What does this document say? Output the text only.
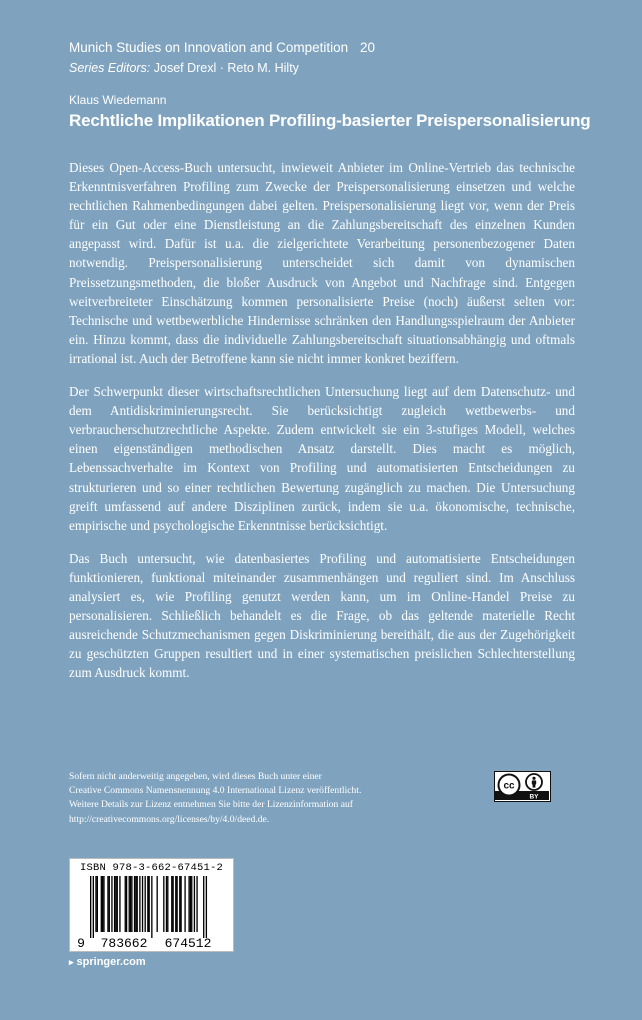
Munich Studies on Innovation and Competition 20
Series Editors: Josef Drexl · Reto M. Hilty
Klaus Wiedemann
Rechtliche Implikationen Profiling-basierter Preispersonalisierung

Dieses Open-Access-Buch untersucht, inwieweit Anbieter im Online-Vertrieb das technische Erkenntnisverfahren Profiling zum Zwecke der Preispersonalisierung einsetzen und welche rechtlichen Rahmenbedingungen dabei gelten. Preispersonalisierung liegt vor, wenn der Preis für ein Gut oder eine Dienstleistung an die Zahlungsbereitschaft des einzelnen Kunden angepasst wird. Dafür ist u.a. die zielgerichtete Verarbeitung personenbezogener Daten notwendig. Preispersonalisierung unterscheidet sich damit von dynamischen Preissetzungsmethoden, die bloßer Ausdruck von Angebot und Nachfrage sind. Entgegen weitverbreiteter Einschätzung kommen personalisierte Preise (noch) äußerst selten vor: Technische und wettbewerbliche Hindernisse schränken den Handlungsspielraum der Anbieter ein. Hinzu kommt, dass die individuelle Zahlungsbereitschaft situationsabhängig und oftmals irrational ist. Auch der Betroffene kann sie nicht immer konkret beziffern.

Der Schwerpunkt dieser wirtschaftsrechtlichen Untersuchung liegt auf dem Datenschutz- und dem Antidiskriminierungsrecht. Sie berücksichtigt zugleich wettbewerbs- und verbraucherschutzrechtliche Aspekte. Zudem entwickelt sie ein 3-stufiges Modell, welches einen eigenständigen methodischen Ansatz darstellt. Dies macht es möglich, Lebenssachverhalte im Kontext von Profiling und automatisierten Entscheidungen zu strukturieren und so einer rechtlichen Bewertung zugänglich zu machen. Die Untersuchung greift umfassend auf andere Disziplinen zurück, indem sie u.a. ökonomische, technische, empirische und psychologische Erkenntnisse berücksichtigt.

Das Buch untersucht, wie datenbasiertes Profiling und automatisierte Entscheidungen funktionieren, funktional miteinander zusammenhängen und reguliert sind. Im Anschluss analysiert es, wie Profiling genutzt werden kann, um im Online-Handel Preise zu personalisieren. Schließlich behandelt es die Frage, ob das geltende materielle Recht ausreichende Schutzmechanismen gegen Diskriminierung bereithält, die aus der Zugehörigkeit zu geschützten Gruppen resultiert und in einer systematischen preislichen Schlechterstellung zum Ausdruck kommt.

Sofern nicht anderweitig angegeben, wird dieses Buch unter einer
Creative Commons Namensnennung 4.0 International Lizenz veröffentlicht.
Weitere Details zur Lizenz entnehmen Sie bitte der Lizenzinformation auf
http://creativecommons.org/licenses/by/4.0/deed.de.
cc
BY
9 783662 674512
ISBN 978-3-662-67451-2
▸ springer.com
